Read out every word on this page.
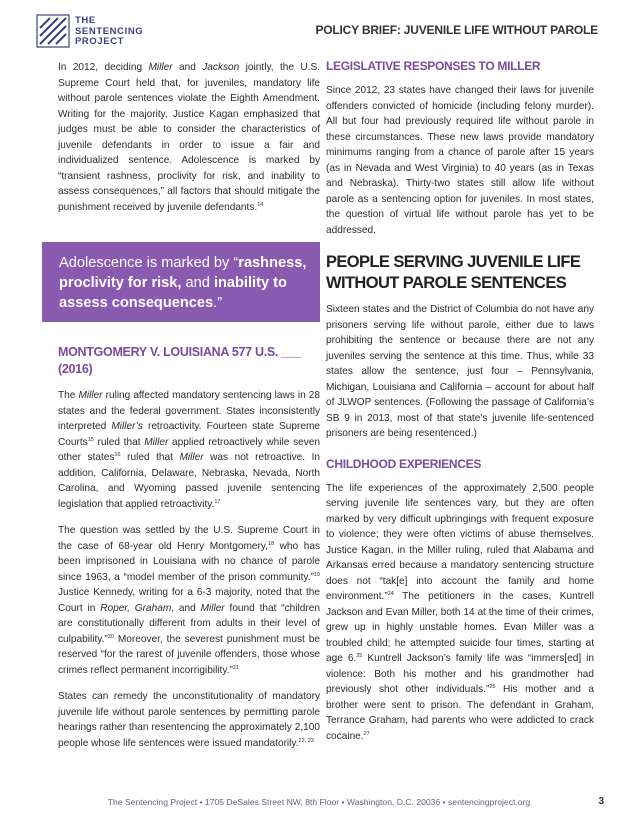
THE
SENTENCING
PROJECT
POLICY BRIEF: JUVENILE LIFE WITHOUT PAROLE

In 2012, deciding Miller and Jackson jointly, the U.S. Supreme Court held that, for juveniles, mandatory life without parole sentences violate the Eighth Amendment. Writing for the majority, Justice Kagan emphasized that judges must be able to consider the characteristics of juvenile defendants in order to issue a fair and individualized sentence. Adolescence is marked by “transient rashness, proclivity for risk, and inability to assess consequences,” all factors that should mitigate the punishment received by juvenile defendants.$^{14}$

Adolescence is marked by “rashness, proclivity for risk, and inability to assess consequences.”
MONTGOMERY V. LOUISIANA 577 U.S. ___ (2016)

The Miller ruling affected mandatory sentencing laws in 28 states and the federal government. States inconsistently interpreted Miller’s retroactivity. Fourteen state Supreme Courts$^{15}$ ruled that Miller applied retroactively while seven other states$^{16}$ ruled that Miller was not retroactive. In addition, California, Delaware, Nebraska, Nevada, North Carolina, and Wyoming passed juvenile sentencing legislation that applied retroactivity.$^{17}$

The question was settled by the U.S. Supreme Court in the case of 68-year old Henry Montgomery,$^{18}$ who has been imprisoned in Louisiana with no chance of parole since 1963, a “model member of the prison community.”$^{19}$ Justice Kennedy, writing for a 6-3 majority, noted that the Court in Roper, Graham, and Miller found that “children are constitutionally different from adults in their level of culpability.”$^{20}$ Moreover, the severest punishment must be reserved “for the rarest of juvenile offenders, those whose crimes reflect permanent incorrigibility.”$^{21}$

States can remedy the unconstitutionality of mandatory juvenile life without parole sentences by permitting parole hearings rather than resentencing the approximately 2,100 people whose life sentences were issued mandatorily.$^{22, 23}$

LEGISLATIVE RESPONSES TO MILLER

Since 2012, 23 states have changed their laws for juvenile offenders convicted of homicide (including felony murder). All but four had previously required life without parole in these circumstances. These new laws provide mandatory minimums ranging from a chance of parole after 15 years (as in Nevada and West Virginia) to 40 years (as in Texas and Nebraska). Thirty-two states still allow life without parole as a sentencing option for juveniles. In most states, the question of virtual life without parole has yet to be addressed.

PEOPLE SERVING JUVENILE LIFE WITHOUT PAROLE SENTENCES

Sixteen states and the District of Columbia do not have any prisoners serving life without parole, either due to laws prohibiting the sentence or because there are not any juveniles serving the sentence at this time. Thus, while 33 states allow the sentence, just four – Pennsylvania, Michigan, Louisiana and California – account for about half of JLWOP sentences. (Following the passage of California’s SB 9 in 2013, most of that state’s juvenile life-sentenced prisoners are being resentenced.)

CHILDHOOD EXPERIENCES

The life experiences of the approximately 2,500 people serving juvenile life sentences vary, but they are often marked by very difficult upbringings with frequent exposure to violence; they were often victims of abuse themselves. Justice Kagan, in the Miller ruling, ruled that Alabama and Arkansas erred because a mandatory sentencing structure does not “tak[e] into account the family and home environment.”$^{24}$ The petitioners in the cases, Kuntrell Jackson and Evan Miller, both 14 at the time of their crimes, grew up in highly unstable homes. Evan Miller was a troubled child; he attempted suicide four times, starting at age 6.25 Kuntrell Jackson’s family life was “immers[ed] in violence: Both his mother and his grandmother had previously shot other individuals.”$^{26}$ His mother and a brother were sent to prison. The defendant in Graham, Terrance Graham, had parents who were addicted to crack cocaine.$^{27}$

The Sentencing Project • 1705 DeSales Street NW, 8th Floor • Washington, D.C. 20036 • sentencingproject.org	3
